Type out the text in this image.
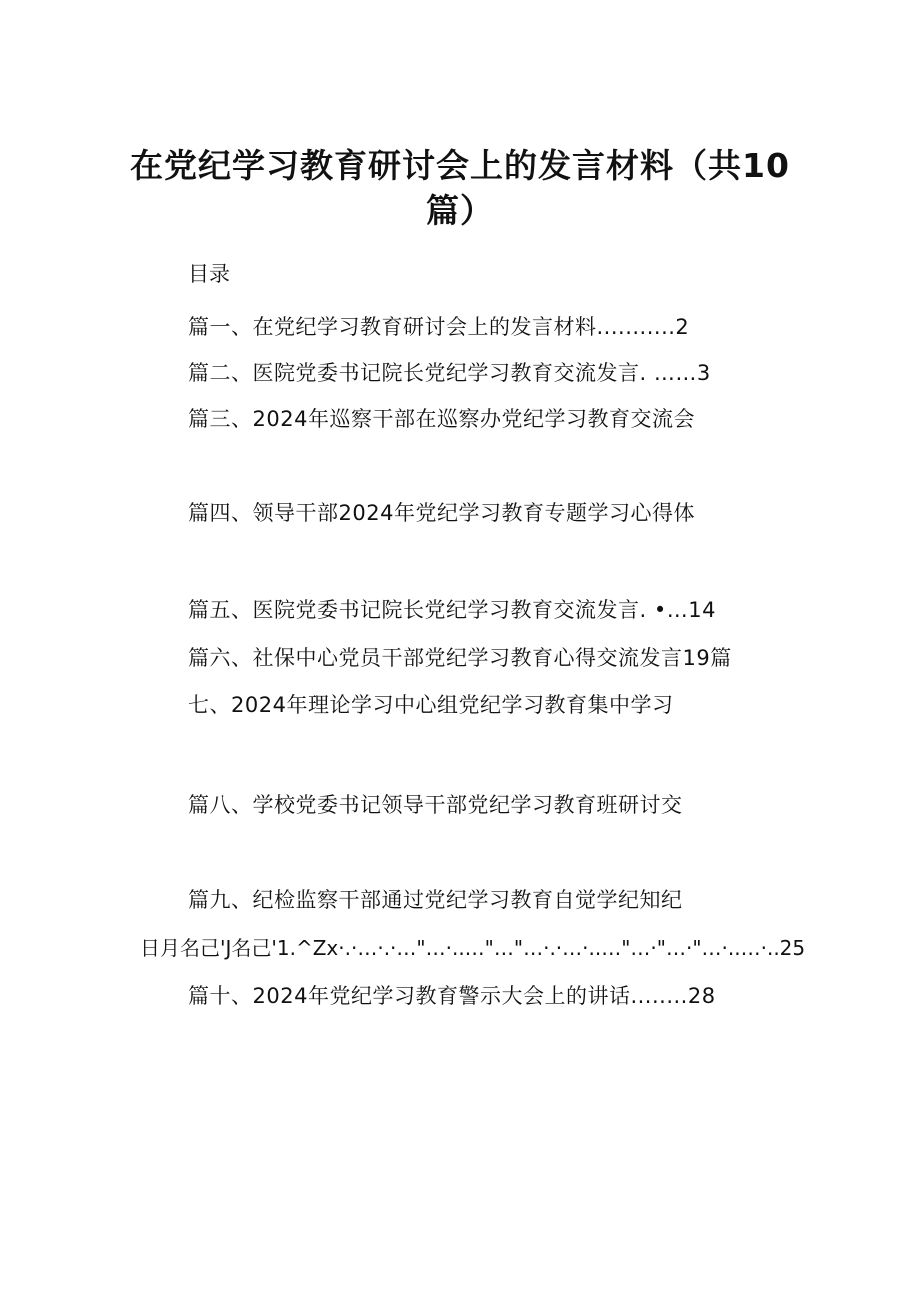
在党纪学习教育研讨会上的发言材料（共10
篇）
目录
篇一、在党纪学习教育研讨会上的发言材料...........2
篇二、医院党委书记院长党纪学习教育交流发言. ……3
篇三、2024年巡察干部在巡察办党纪学习教育交流会
篇四、领导干部2024年党纪学习教育专题学习心得体
篇五、医院党委书记院长党纪学习教育交流发言. •…14
篇六、社保中心党员干部党纪学习教育心得交流发言19篇
七、2024年理论学习中心组党纪学习教育集中学习
篇八、学校党委书记领导干部党纪学习教育班研讨交
篇九、纪检监察干部通过党纪学习教育自觉学纪知纪
日月名己'J名己'1.^Zx·.·…·.·…"…·..…"…"…·.·…·..…"…·"…·"…·..…·..25
篇十、2024年党纪学习教育警示大会上的讲话........28
